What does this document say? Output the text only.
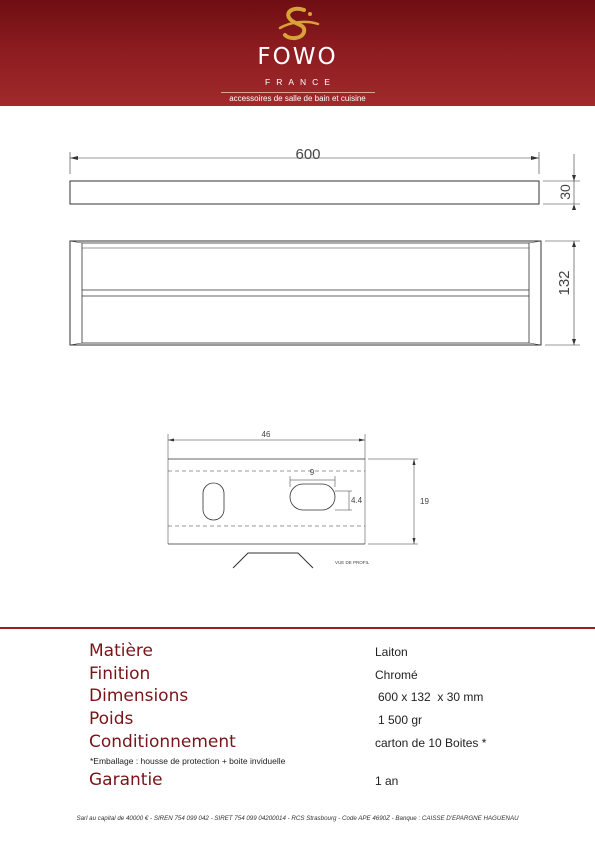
FOWO
FRANCE
accessoires de salle de bain et cuisine
600
30
132
46
9
4.4	19
VUE DE PROFIL
Matière	Laiton
Finition	Chromé
Dimensions	600 x 132  x 30 mm
Poids	1 500 gr
Conditionnement	carton de 10 Boites *
*Emballage : housse de protection + boite inviduelle
Garantie	1 an
Sarl au capital de 40000 € - SIREN 754 099 042 - SIRET 754 099 04200014 - RCS Strasbourg - Code APE 4690Z - Banque : CAISSE D'EPARGNE HAGUENAU
